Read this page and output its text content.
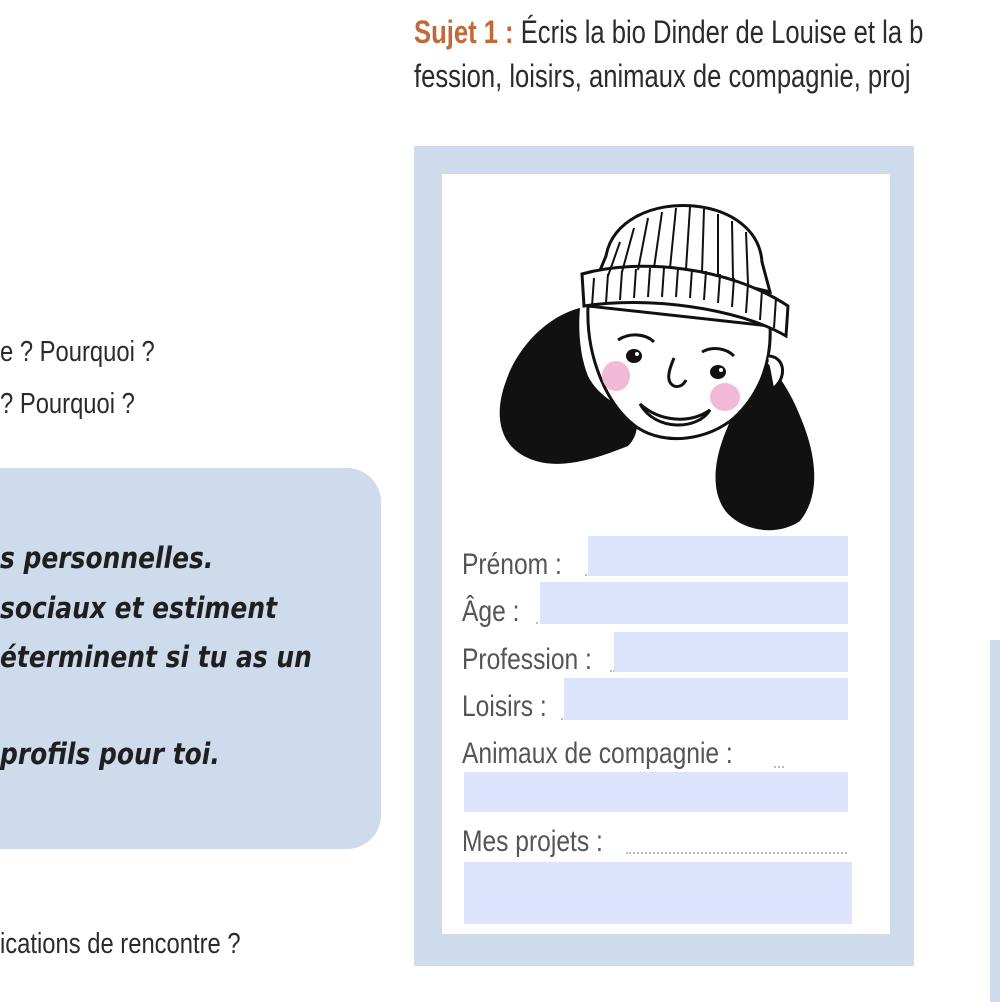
Sujet 1 : Écris la bio Dinder de Louise et la b
fession, loisirs, animaux de compagnie, proj
e ? Pourquoi ?
? Pourquoi ?
s personnelles.
sociaux et estiment
éterminent si tu as un
profils pour toi.
ications de rencontre ?
Prénom :
Âge :
Profession :
Loisirs :
Animaux de compagnie :
Mes projets :
